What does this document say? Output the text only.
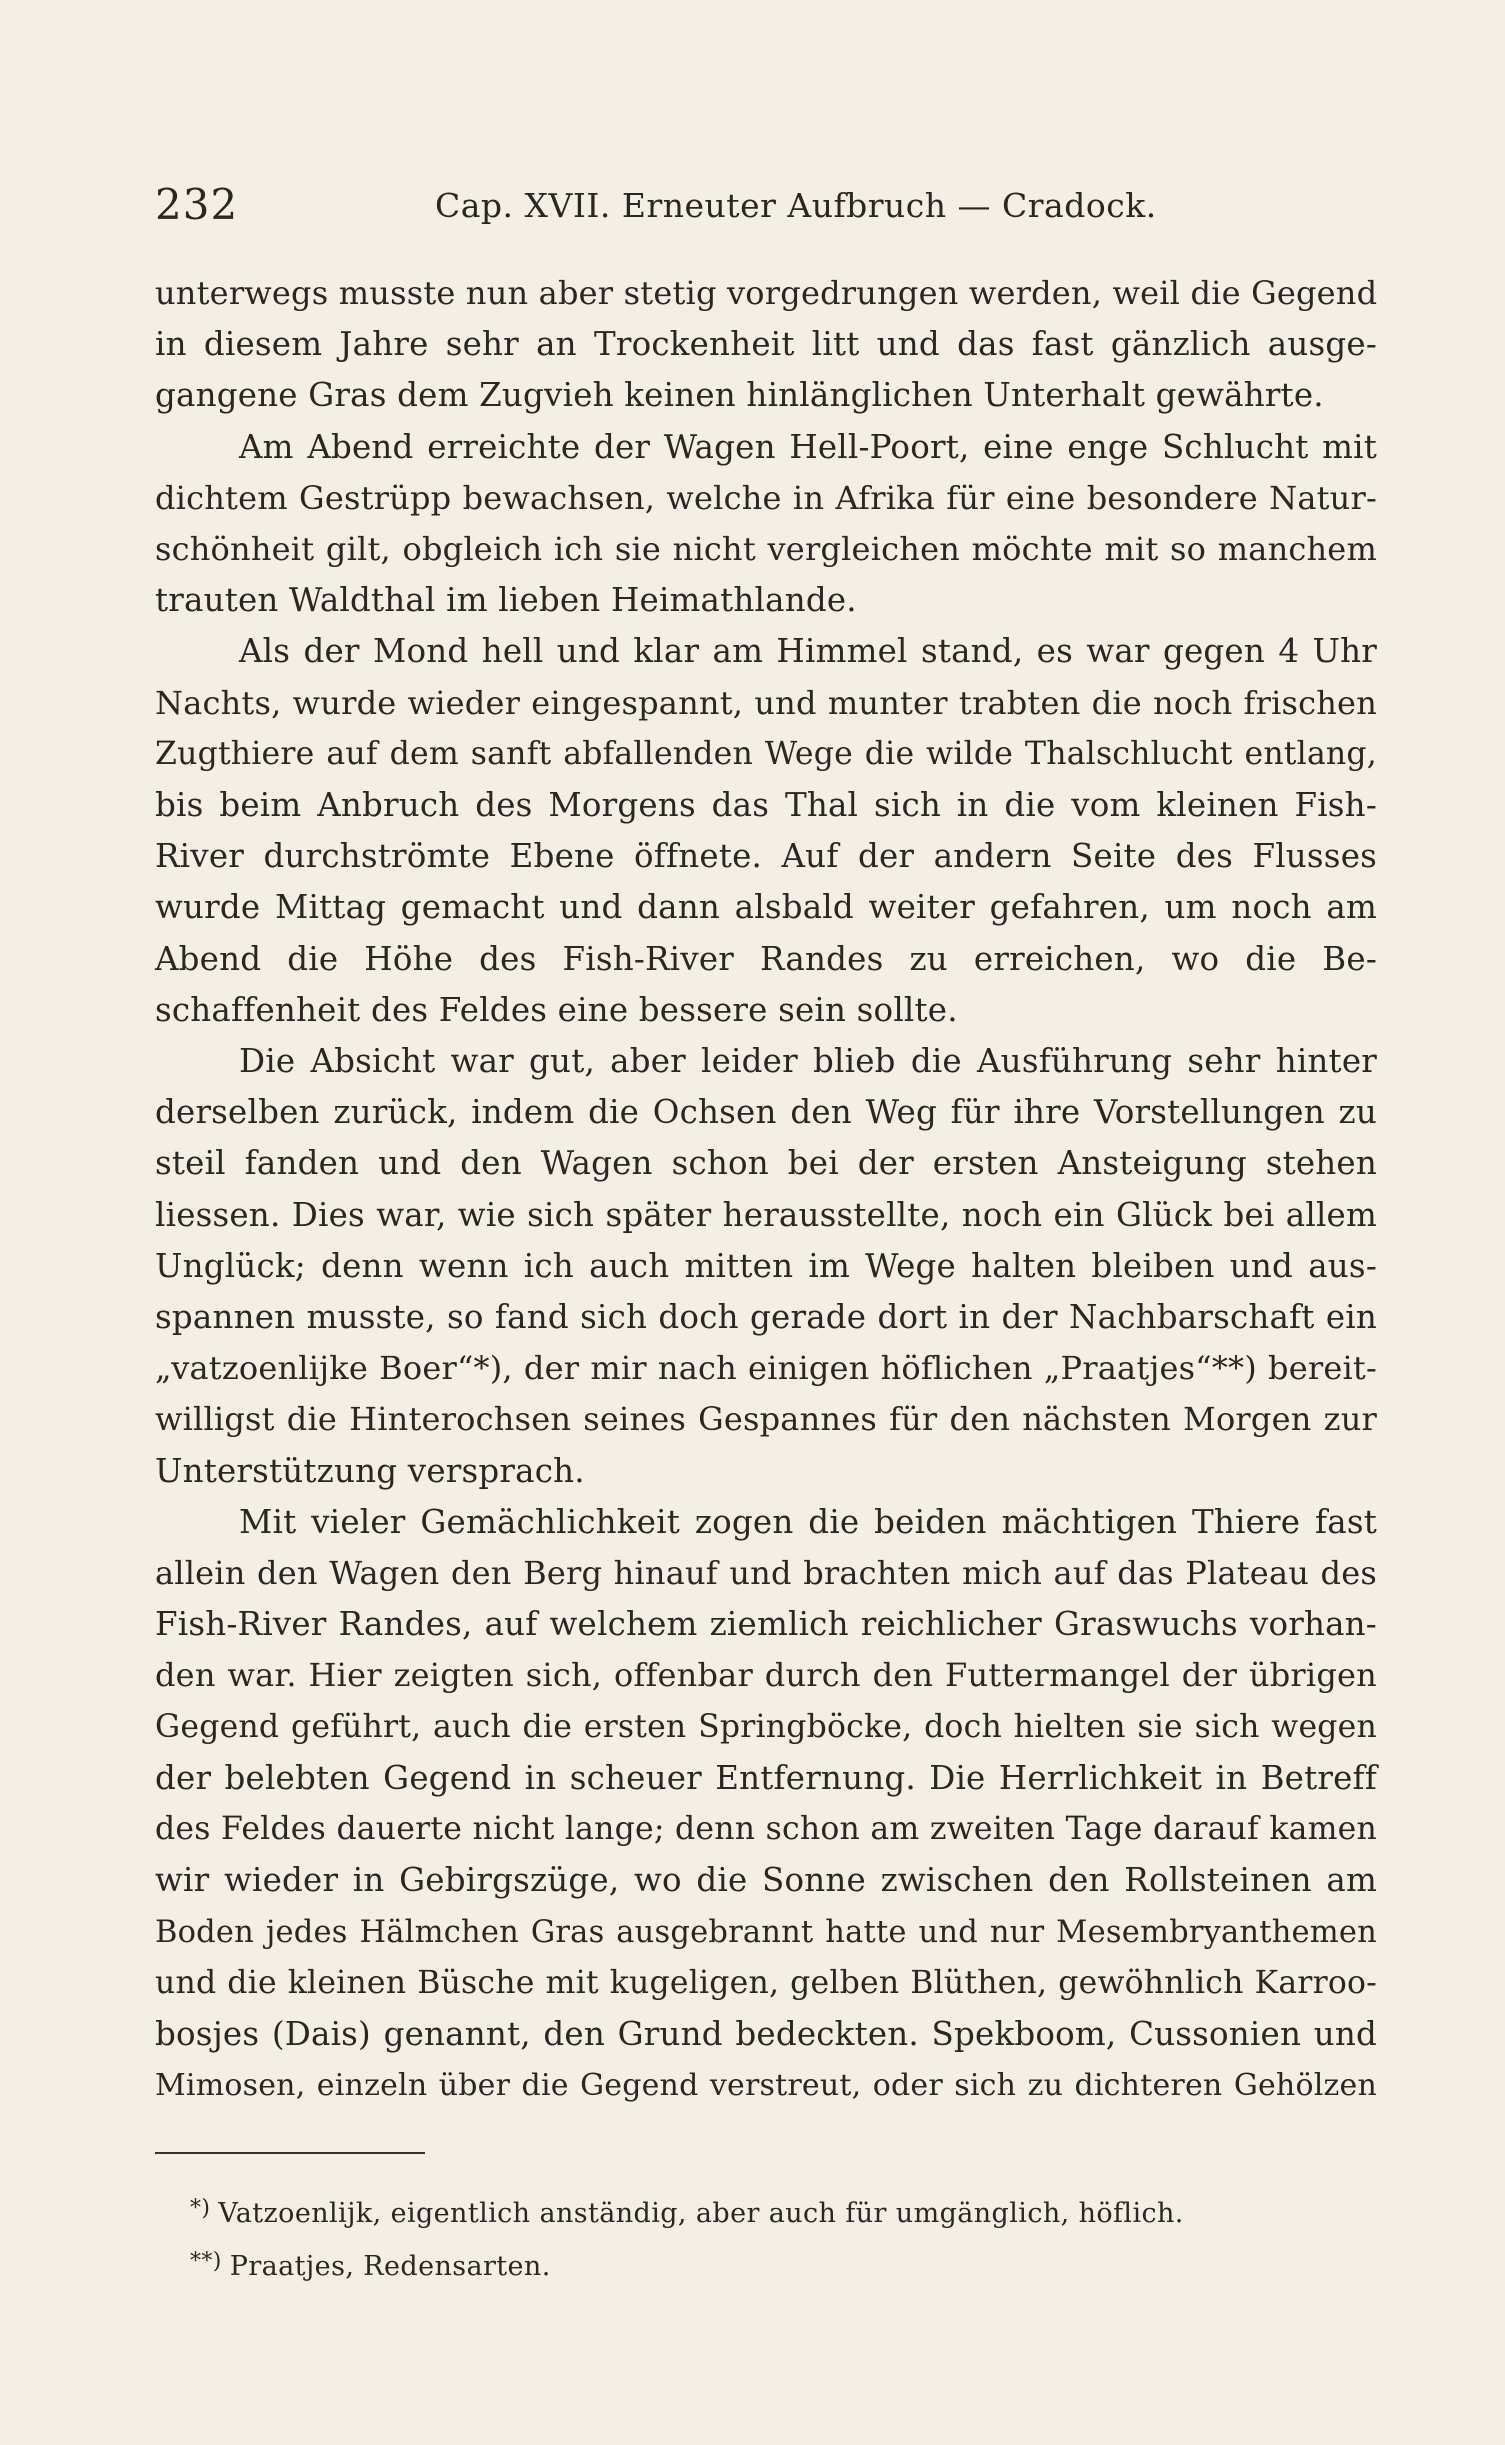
232	Cap. XVII. Erneuter Aufbruch — Cradock.

unterwegs musste nun aber stetig vorgedrungen werden, weil die Gegend

in diesem Jahre sehr an Trockenheit litt und das fast gänzlich ausge-

gangene Gras dem Zugvieh keinen hinlänglichen Unterhalt gewährte.

Am Abend erreichte der Wagen Hell-Poort, eine enge Schlucht mit

dichtem Gestrüpp bewachsen, welche in Afrika für eine besondere Natur-

schönheit gilt, obgleich ich sie nicht vergleichen möchte mit so manchem

trauten Waldthal im lieben Heimathlande.

Als der Mond hell und klar am Himmel stand, es war gegen 4 Uhr

Nachts, wurde wieder eingespannt, und munter trabten die noch frischen

Zugthiere auf dem sanft abfallenden Wege die wilde Thalschlucht entlang,

bis beim Anbruch des Morgens das Thal sich in die vom kleinen Fish-

River durchströmte Ebene öffnete. Auf der andern Seite des Flusses

wurde Mittag gemacht und dann alsbald weiter gefahren, um noch am

Abend die Höhe des Fish-River Randes zu erreichen, wo die Be-

schaffenheit des Feldes eine bessere sein sollte.

Die Absicht war gut, aber leider blieb die Ausführung sehr hinter

derselben zurück, indem die Ochsen den Weg für ihre Vorstellungen zu

steil fanden und den Wagen schon bei der ersten Ansteigung stehen

liessen. Dies war, wie sich später herausstellte, noch ein Glück bei allem

Unglück; denn wenn ich auch mitten im Wege halten bleiben und aus-

spannen musste, so fand sich doch gerade dort in der Nachbarschaft ein

„vatzoenlijke Boer“*), der mir nach einigen höflichen „Praatjes“**) bereit-

willigst die Hinterochsen seines Gespannes für den nächsten Morgen zur

Unterstützung versprach.

Mit vieler Gemächlichkeit zogen die beiden mächtigen Thiere fast

allein den Wagen den Berg hinauf und brachten mich auf das Plateau des

Fish-River Randes, auf welchem ziemlich reichlicher Graswuchs vorhan-

den war. Hier zeigten sich, offenbar durch den Futtermangel der übrigen

Gegend geführt, auch die ersten Springböcke, doch hielten sie sich wegen

der belebten Gegend in scheuer Entfernung. Die Herrlichkeit in Betreff

des Feldes dauerte nicht lange; denn schon am zweiten Tage darauf kamen

wir wieder in Gebirgszüge, wo die Sonne zwischen den Rollsteinen am

Boden jedes Hälmchen Gras ausgebrannt hatte und nur Mesembryanthemen

und die kleinen Büsche mit kugeligen, gelben Blüthen, gewöhnlich Karroo-

bosjes (Dais) genannt, den Grund bedeckten. Spekboom, Cussonien und

Mimosen, einzeln über die Gegend verstreut, oder sich zu dichteren Gehölzen

*) Vatzoenlijk, eigentlich anständig, aber auch für umgänglich, höflich.

**) Praatjes, Redensarten.
